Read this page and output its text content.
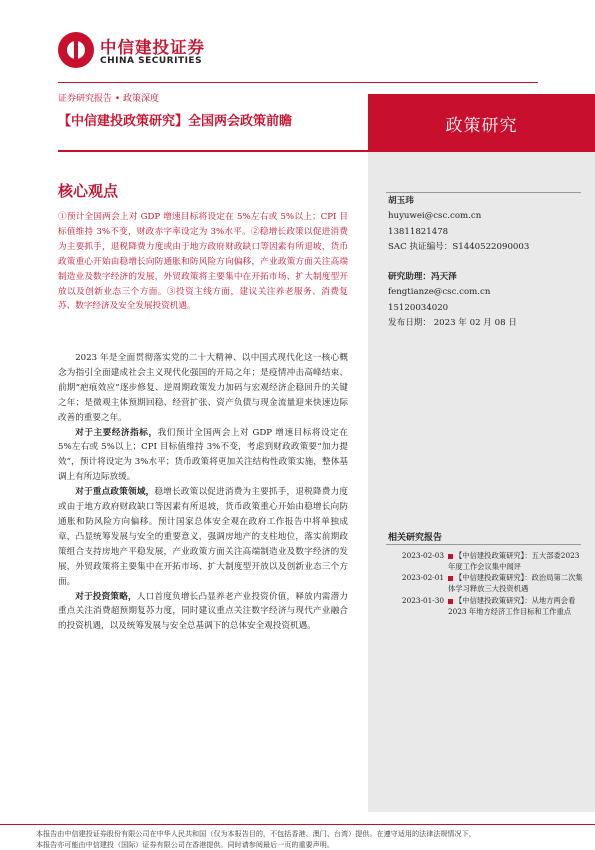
中信建投证券
CHINA SECURITIES
证券研究报告 • 政策深度
【中信建投政策研究】全国两会政策前瞻	政策研究
核心观点
①预计全国两会上对 GDP 增速目标将设定在 5%左右或 5%以上；CPI 目标值维持 3%不变，财政赤字率设定为 3%水平。②稳增长政策以促进消费为主要抓手，退税降费力度或由于地方政府财政缺口等因素有所退坡，货币政策重心开始由稳增长向防通胀和防风险方向偏移，产业政策方面关注高端制造业及数字经济的发展，外贸政策将主要集中在开拓市场、扩大制度型开放以及创新业态三个方面。③投资主线方面，建议关注养老服务、消费复苏、数字经济及安全发展投资机遇。

2023 年是全面贯彻落实党的二十大精神、以中国式现代化这一核心概念为指引全面建成社会主义现代化强国的开局之年；是疫情冲击高峰结束、前期“疤痕效应”逐步修复、逆周期政策发力加码与宏观经济企稳回升的关键之年；是微观主体预期回稳、经营扩张、资产负债与现金流量迎来快速边际改善的重要之年。

对于主要经济指标，我们预计全国两会上对 GDP 增速目标将设定在 5%左右或 5%以上；CPI 目标值维持 3%不变，考虑到财政政策要“加力提效”，预计将设定为 3%水平；货币政策将更加关注结构性政策实施，整体基调上有所边际放缓。

对于重点政策领域，稳增长政策以促进消费为主要抓手，退税降费力度或由于地方政府财政缺口等因素有所退坡，货币政策重心开始由稳增长向防通胀和防风险方向偏移。预计国家总体安全观在政府工作报告中将单独成章，凸显统筹发展与安全的重要意义，强调房地产的支柱地位，落实前期政策组合支持房地产平稳发展，产业政策方面关注高端制造业及数字经济的发展，外贸政策将主要集中在开拓市场、扩大制度型开放以及创新业态三个方面。

对于投资策略，人口首度负增长凸显养老产业投资价值，释放内需潜力重点关注消费超预期复苏力度，同时建议重点关注数字经济与现代产业融合的投资机遇，以及统筹发展与安全总基调下的总体安全观投资机遇。

胡玉玮
huyuwei@csc.com.cn
13811821478
SAC 执证编号：S1440522090003
研究助理：冯天泽
fengtianze@csc.com.cn
15120034020
发布日期： 2023 年 02 月 08 日
相关研究报告
2023-02-03	【中信建投政策研究】：五大部委2023 年度工作会议集中闻评
2023-02-01	【中信建投政策研究】：政治局第二次集体学习释放三大投资机遇
2023-01-30	【中信建投政策研究】：从地方两会看 2023 年地方经济工作目标和工作重点
本报告由中信建投证券股份有限公司在中华人民共和国（仅为本报告目的，不包括香港、澳门、台湾）提供。在遵守适用的法律法规情况下，
本报告亦可能由中信建投（国际）证券有限公司在香港提供。同时请参阅最后一页的重要声明。
